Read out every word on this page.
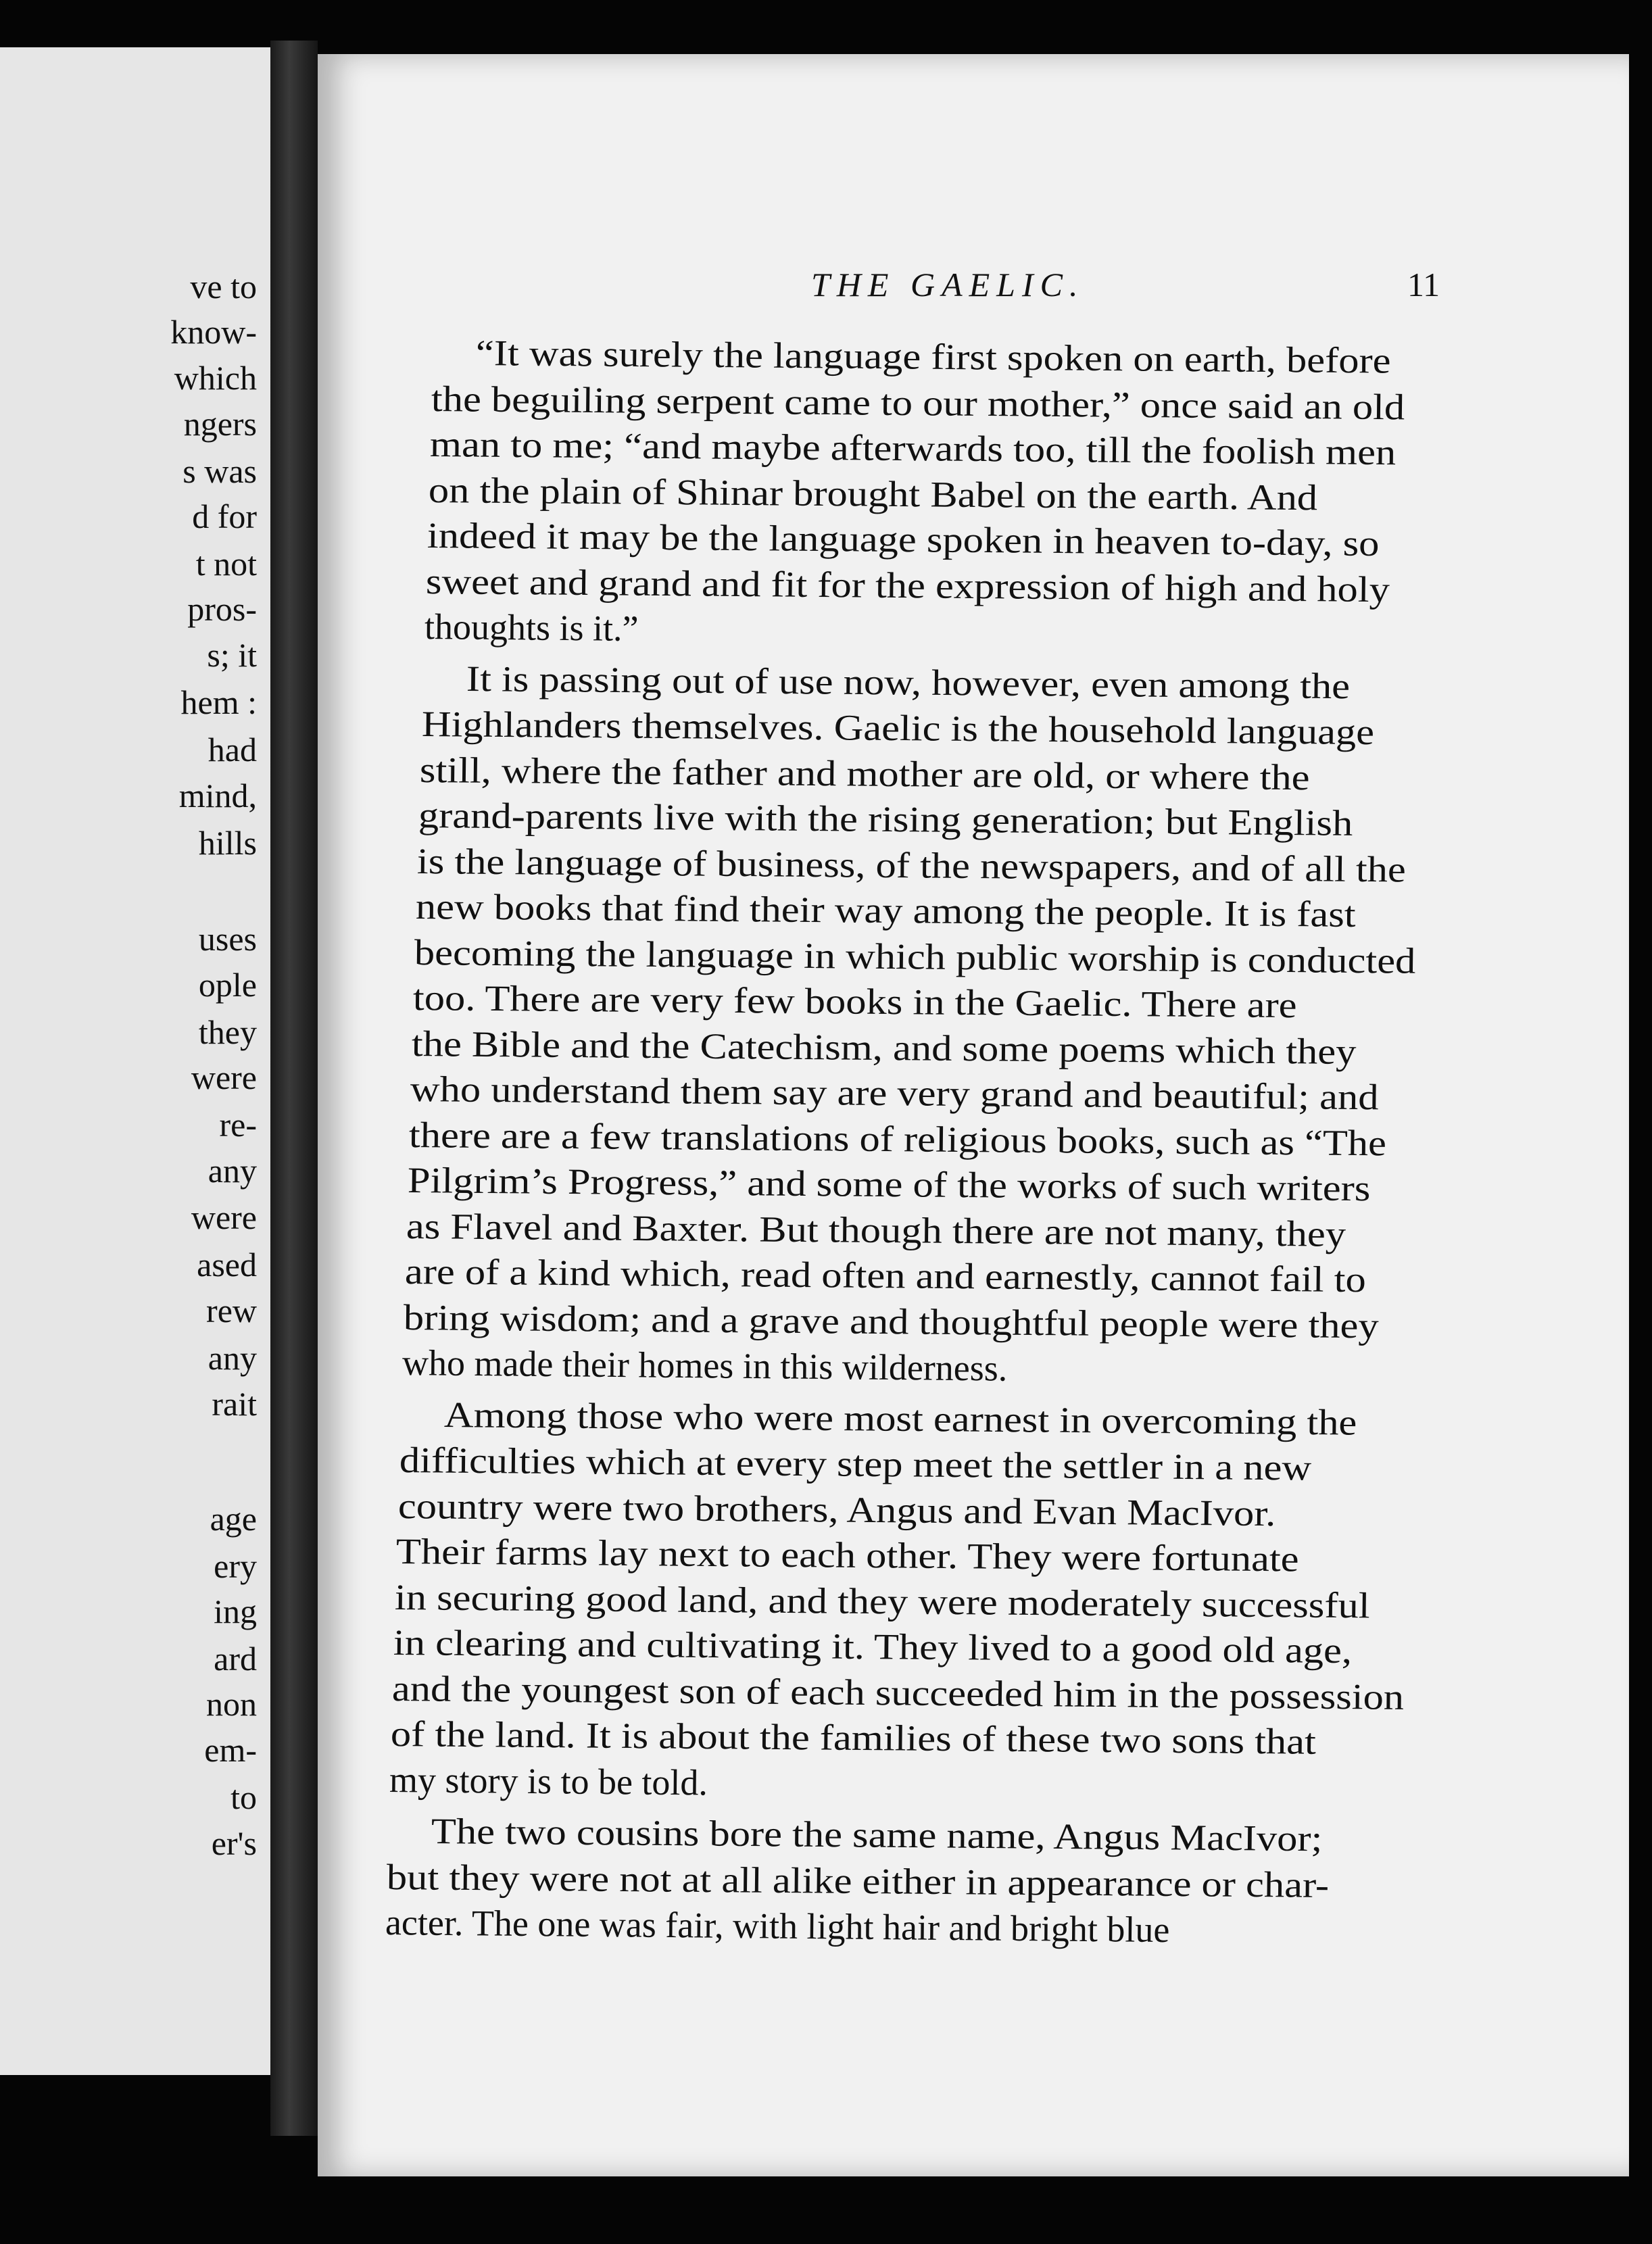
ve to
know-
which
ngers
s was
d for
t not
pros-
s; it
hem :
had
mind,
hills
uses
ople
they
were
re-
any
were
ased
rew
any
rait
age
ery
ing
ard
non
em-
to
er's
THE GAELIC.	11
“It was surely the language first spoken on earth, before
the beguiling serpent came to our mother,” once said an old
man to me; “and maybe afterwards too, till the foolish men
on the plain of Shinar brought Babel on the earth. And
indeed it may be the language spoken in heaven to-day, so
sweet and grand and fit for the expression of high and holy
thoughts is it.”
It is passing out of use now, however, even among the
Highlanders themselves. Gaelic is the household language
still, where the father and mother are old, or where the
grand-parents live with the rising generation; but English
is the language of business, of the newspapers, and of all the
new books that find their way among the people. It is fast
becoming the language in which public worship is conducted
too. There are very few books in the Gaelic. There are
the Bible and the Catechism, and some poems which they
who understand them say are very grand and beautiful; and
there are a few translations of religious books, such as “The
Pilgrim’s Progress,” and some of the works of such writers
as Flavel and Baxter. But though there are not many, they
are of a kind which, read often and earnestly, cannot fail to
bring wisdom; and a grave and thoughtful people were they
who made their homes in this wilderness.
Among those who were most earnest in overcoming the
difficulties which at every step meet the settler in a new
country were two brothers, Angus and Evan MacIvor.
Their farms lay next to each other. They were fortunate
in securing good land, and they were moderately successful
in clearing and cultivating it. They lived to a good old age,
and the youngest son of each succeeded him in the possession
of the land. It is about the families of these two sons that
my story is to be told.
The two cousins bore the same name, Angus MacIvor;
but they were not at all alike either in appearance or char-
acter. The one was fair, with light hair and bright blue
